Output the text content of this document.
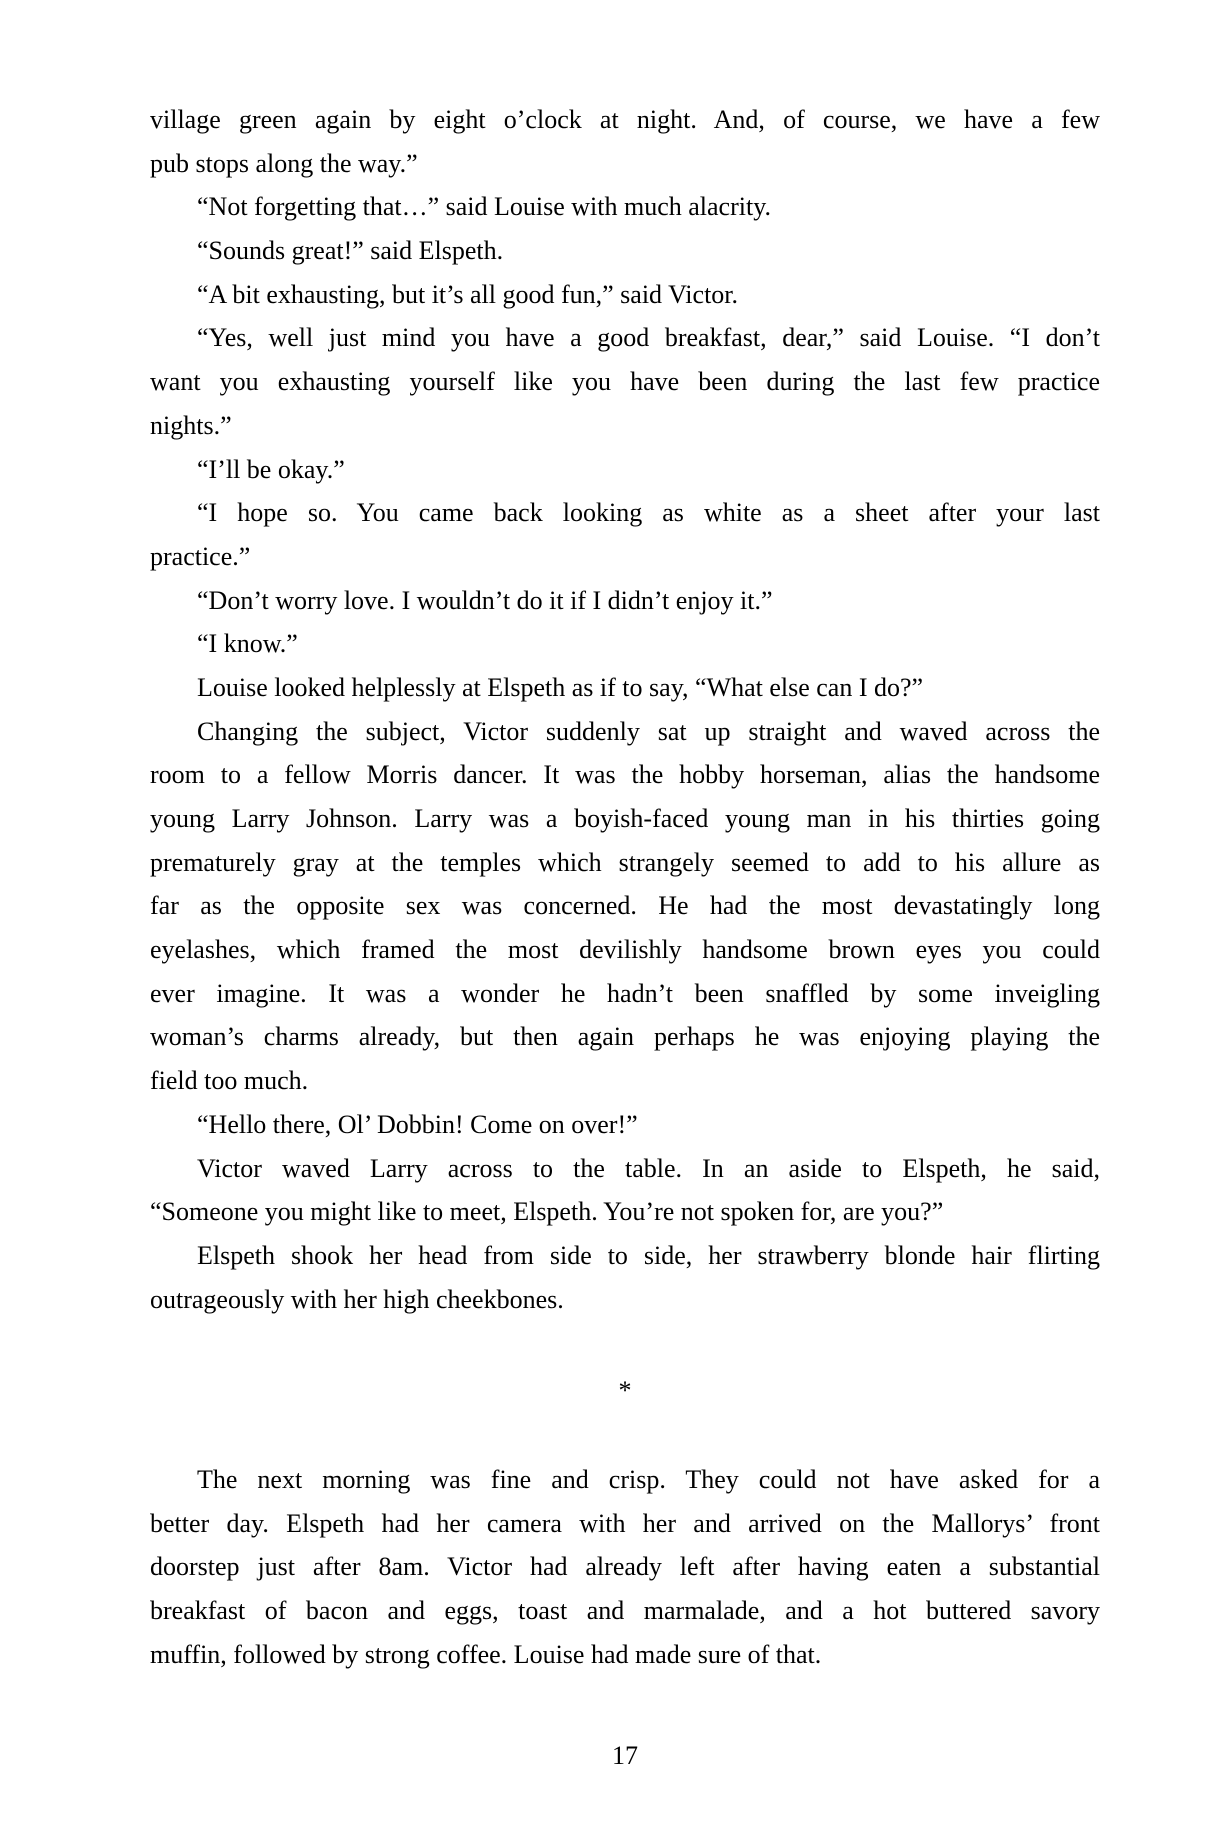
village green again by eight o’clock at night. And, of course, we have a few
pub stops along the way.”
“Not forgetting that…” said Louise with much alacrity.
“Sounds great!” said Elspeth.
“A bit exhausting, but it’s all good fun,” said Victor.
“Yes, well just mind you have a good breakfast, dear,” said Louise. “I don’t
want you exhausting yourself like you have been during the last few practice
nights.”
“I’ll be okay.”
“I hope so. You came back looking as white as a sheet after your last
practice.”
“Don’t worry love. I wouldn’t do it if I didn’t enjoy it.”
“I know.”
Louise looked helplessly at Elspeth as if to say, “What else can I do?”
Changing the subject, Victor suddenly sat up straight and waved across the
room to a fellow Morris dancer. It was the hobby horseman, alias the handsome
young Larry Johnson. Larry was a boyish-faced young man in his thirties going
prematurely gray at the temples which strangely seemed to add to his allure as
far as the opposite sex was concerned. He had the most devastatingly long
eyelashes, which framed the most devilishly handsome brown eyes you could
ever imagine. It was a wonder he hadn’t been snaffled by some inveigling
woman’s charms already, but then again perhaps he was enjoying playing the
field too much.
“Hello there, Ol’ Dobbin! Come on over!”
Victor waved Larry across to the table. In an aside to Elspeth, he said,
“Someone you might like to meet, Elspeth. You’re not spoken for, are you?”
Elspeth shook her head from side to side, her strawberry blonde hair flirting
outrageously with her high cheekbones.
*
The next morning was fine and crisp. They could not have asked for a
better day. Elspeth had her camera with her and arrived on the Mallorys’ front
doorstep just after 8am. Victor had already left after having eaten a substantial
breakfast of bacon and eggs, toast and marmalade, and a hot buttered savory
muffin, followed by strong coffee. Louise had made sure of that.
17
